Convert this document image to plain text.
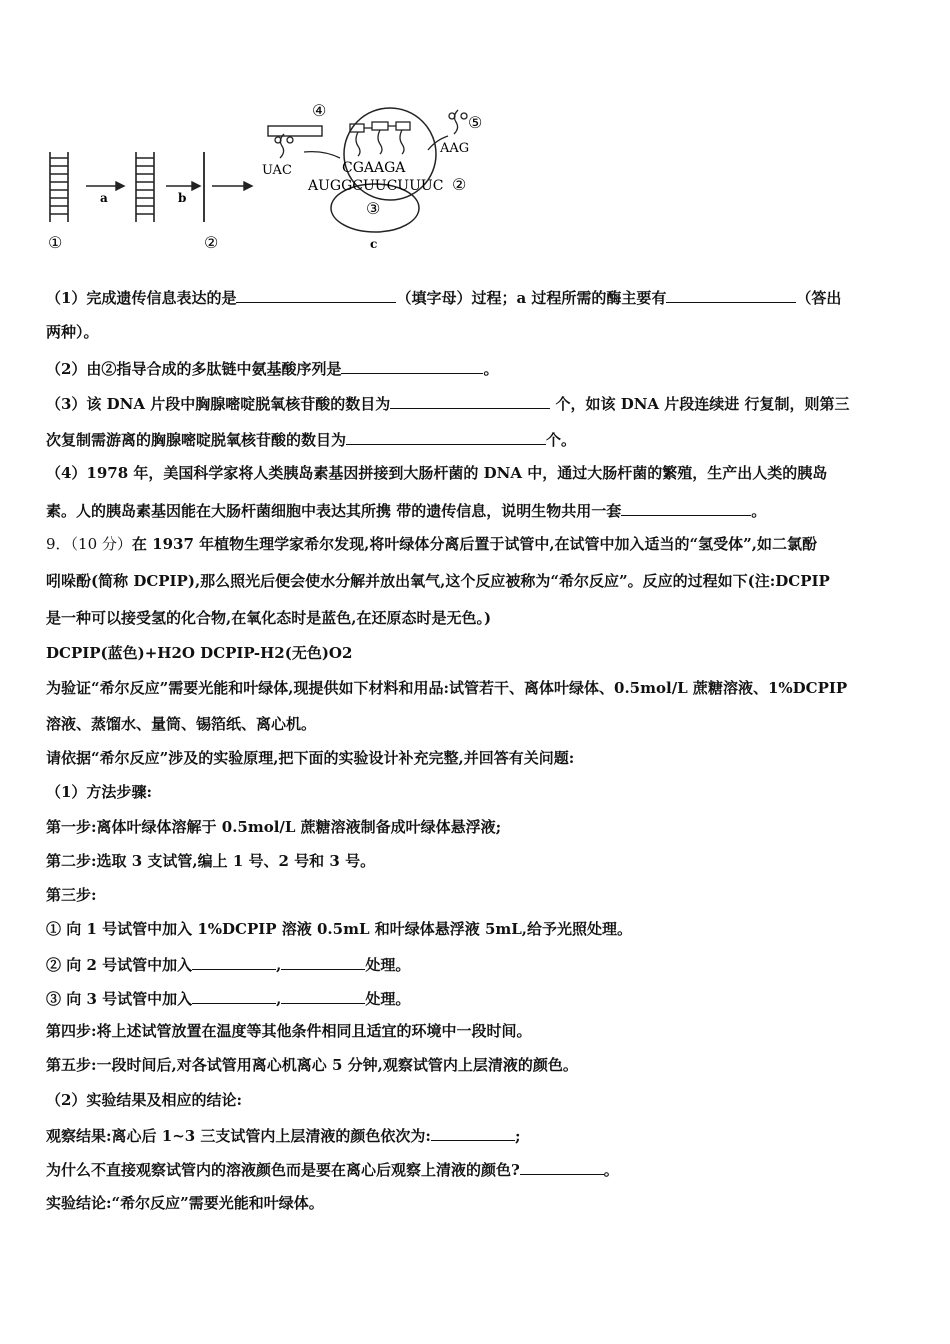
a	b
①	②
③
④
UAC
⑤
AAG
CGAAGA
AUGGCUUCUUUC ②
c
（1）完成遗传信息表达的是	（填字母）过程；a 过程所需的酶主要有	（答出
两种）。
（2）由②指导合成的多肽链中氨基酸序列是	。
（3）该 DNA 片段中胸腺嘧啶脱氧核苷酸的数目为	个，如该 DNA 片段连续进 行复制，则第三
次复制需游离的胸腺嘧啶脱氧核苷酸的数目为	个。
（4）1978 年，美国科学家将人类胰岛素基因拼接到大肠杆菌的 DNA 中，通过大肠杆菌的繁殖，生产出人类的胰岛
素。人的胰岛素基因能在大肠杆菌细胞中表达其所携 带的遗传信息，说明生物共用一套	。
9．（10 分）在 1937 年植物生理学家希尔发现,将叶绿体分离后置于试管中,在试管中加入适当的“氢受体”,如二氯酚
吲哚酚(简称 DCPIP),那么照光后便会使水分解并放出氧气,这个反应被称为“希尔反应”。反应的过程如下(注:DCPIP
是一种可以接受氢的化合物,在氧化态时是蓝色,在还原态时是无色。)
DCPIP(蓝色)+H2O DCPIP-H2(无色)O2
为验证“希尔反应”需要光能和叶绿体,现提供如下材料和用品:试管若干、离体叶绿体、0.5mol/L 蔗糖溶液、1%DCPIP
溶液、蒸馏水、量筒、锡箔纸、离心机。
请依据“希尔反应”涉及的实验原理,把下面的实验设计补充完整,并回答有关问题:
（1）方法步骤:
第一步:离体叶绿体溶解于 0.5mol/L 蔗糖溶液制备成叶绿体悬浮液;
第二步:选取 3 支试管,编上 1 号、2 号和 3 号。
第三步:
① 向 1 号试管中加入 1%DCPIP 溶液 0.5mL 和叶绿体悬浮液 5mL,给予光照处理。
② 向 2 号试管中加入	,	处理。
③ 向 3 号试管中加入	,	处理。
第四步:将上述试管放置在温度等其他条件相同且适宜的环境中一段时间。
第五步:一段时间后,对各试管用离心机离心 5 分钟,观察试管内上层清液的颜色。
（2）实验结果及相应的结论:
观察结果:离心后 1~3 三支试管内上层清液的颜色依次为:	;
为什么不直接观察试管内的溶液颜色而是要在离心后观察上清液的颜色?	。
实验结论:“希尔反应”需要光能和叶绿体。
